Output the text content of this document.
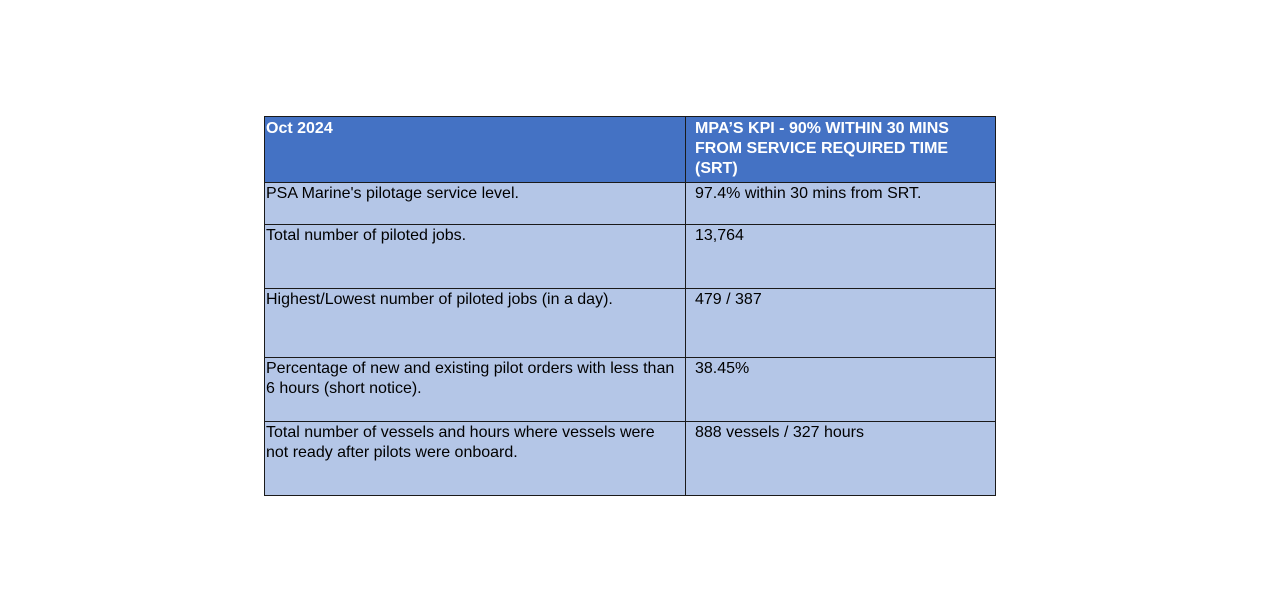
Oct 2024	MPA’S KPI - 90% WITHIN 30 MINS FROM SERVICE REQUIRED TIME (SRT)
PSA Marine's pilotage service level.	97.4% within 30 mins from SRT.
Total number of piloted jobs.	13,764
Highest/Lowest number of piloted jobs (in a day).	479 / 387
Percentage of new and existing pilot orders with less than 6 hours (short notice).	38.45%
Total number of vessels and hours where vessels were not ready after pilots were onboard.	888 vessels / 327 hours
